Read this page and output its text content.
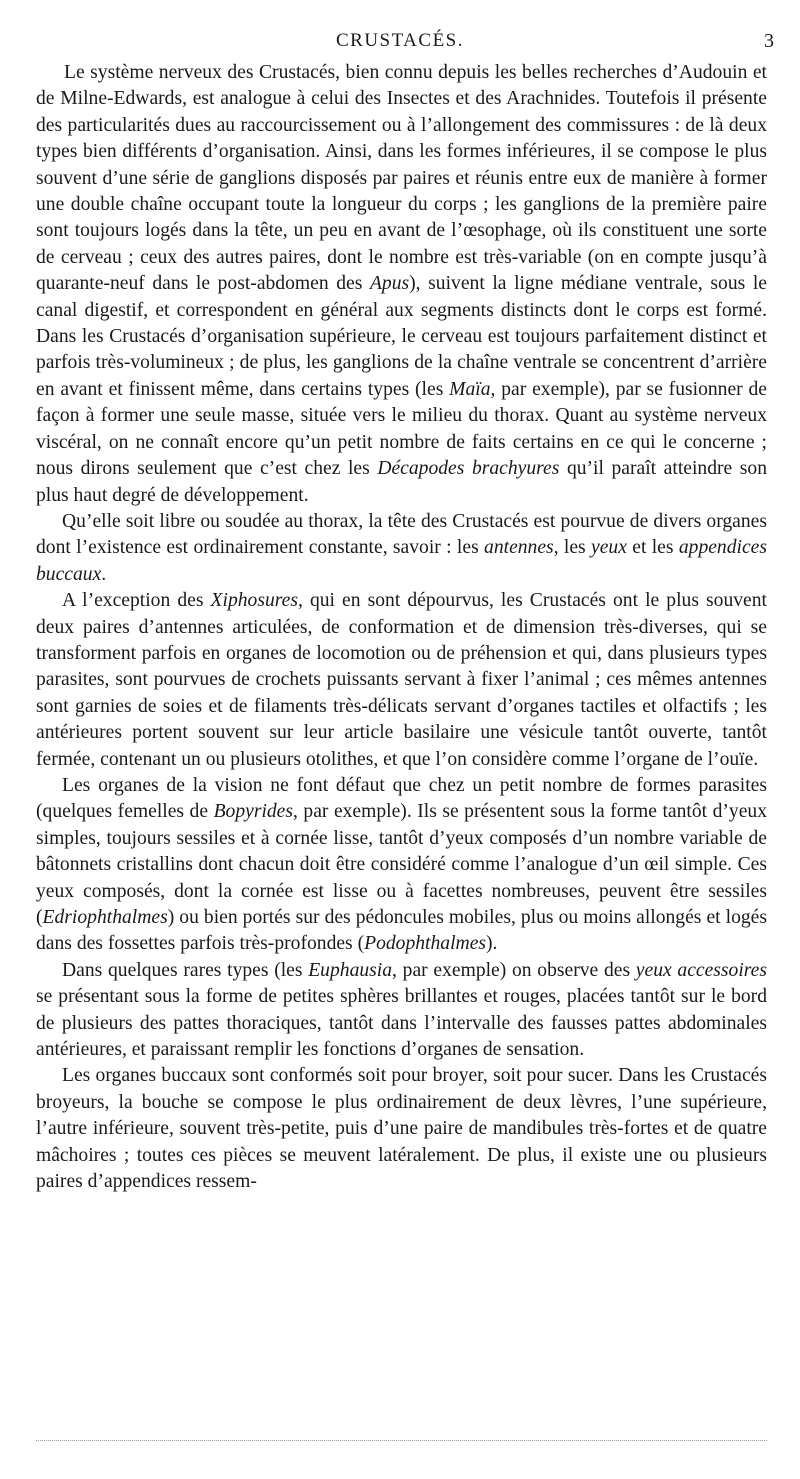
CRUSTACÉS.	3

Le système nerveux des Crustacés, bien connu depuis les belles recherches d’Audouin et de Milne-Edwards, est analogue à celui des Insectes et des Arachnides. Toutefois il présente des particularités dues au raccourcissement ou à l’allongement des commissures : de là deux types bien différents d’organisation. Ainsi, dans les formes inférieures, il se compose le plus souvent d’une série de ganglions disposés par paires et réunis entre eux de manière à former une double chaîne occupant toute la longueur du corps ; les ganglions de la première paire sont toujours logés dans la tête, un peu en avant de l’œsophage, où ils constituent une sorte de cerveau ; ceux des autres paires, dont le nombre est très-variable (on en compte jusqu’à quarante-neuf dans le post-abdomen des Apus), suivent la ligne médiane ventrale, sous le canal digestif, et correspondent en général aux segments distincts dont le corps est formé. Dans les Crustacés d’organisation supérieure, le cerveau est toujours parfaitement distinct et parfois très-volumineux ; de plus, les ganglions de la chaîne ventrale se concentrent d’arrière en avant et finissent même, dans certains types (les Maïa, par exemple), par se fusionner de façon à former une seule masse, située vers le milieu du thorax. Quant au système nerveux viscéral, on ne connaît encore qu’un petit nombre de faits certains en ce qui le concerne ; nous dirons seulement que c’est chez les Décapodes brachyures qu’il paraît atteindre son plus haut degré de développement.

Qu’elle soit libre ou soudée au thorax, la tête des Crustacés est pourvue de divers organes dont l’existence est ordinairement constante, savoir : les antennes, les yeux et les appendices buccaux.

A l’exception des Xiphosures, qui en sont dépourvus, les Crustacés ont le plus souvent deux paires d’antennes articulées, de conformation et de dimension très-diverses, qui se transforment parfois en organes de locomotion ou de préhension et qui, dans plusieurs types parasites, sont pourvues de crochets puissants servant à fixer l’animal ; ces mêmes antennes sont garnies de soies et de filaments très-délicats servant d’organes tactiles et olfactifs ; les antérieures portent souvent sur leur article basilaire une vésicule tantôt ouverte, tantôt fermée, contenant un ou plusieurs otolithes, et que l’on considère comme l’organe de l’ouïe.

Les organes de la vision ne font défaut que chez un petit nombre de formes parasites (quelques femelles de Bopyrides, par exemple). Ils se présentent sous la forme tantôt d’yeux simples, toujours sessiles et à cornée lisse, tantôt d’yeux composés d’un nombre variable de bâtonnets cristallins dont chacun doit être considéré comme l’analogue d’un œil simple. Ces yeux composés, dont la cornée est lisse ou à facettes nombreuses, peuvent être sessiles (Edriophthalmes) ou bien portés sur des pédoncules mobiles, plus ou moins allongés et logés dans des fossettes parfois très-profondes (Podophthalmes).

Dans quelques rares types (les Euphausia, par exemple) on observe des yeux accessoires se présentant sous la forme de petites sphères brillantes et rouges, placées tantôt sur le bord de plusieurs des pattes thoraciques, tantôt dans l’intervalle des fausses pattes abdominales antérieures, et paraissant remplir les fonctions d’organes de sensation.

Les organes buccaux sont conformés soit pour broyer, soit pour sucer. Dans les Crustacés broyeurs, la bouche se compose le plus ordinairement de deux lèvres, l’une supérieure, l’autre inférieure, souvent très-petite, puis d’une paire de mandibules très-fortes et de quatre mâchoires ; toutes ces pièces se meuvent latéralement. De plus, il existe une ou plusieurs paires d’appendices ressem-
